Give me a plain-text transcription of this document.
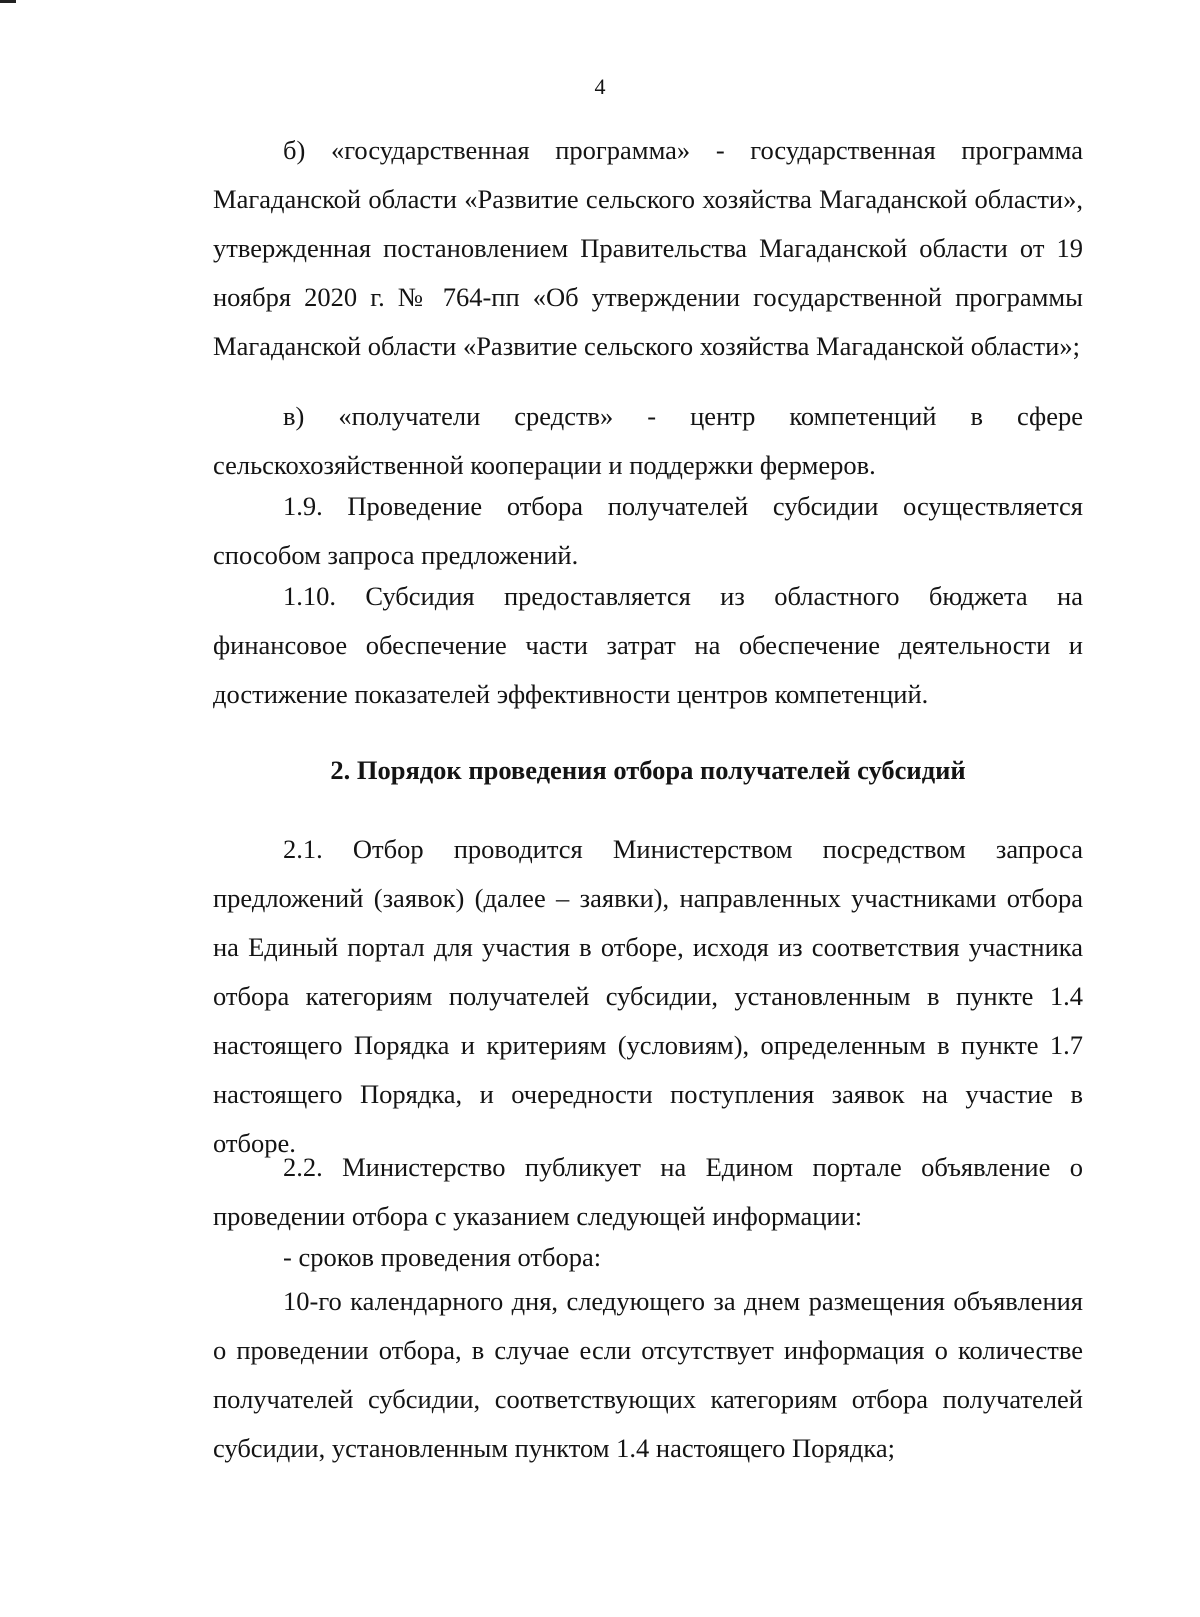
4

б) «государственная программа» - государственная программа Магаданской области «Развитие сельского хозяйства Магаданской области», утвержденная постановлением Правительства Магаданской области от 19 ноября 2020 г. № 764-пп «Об утверждении государственной программы Магаданской области «Развитие сельского хозяйства Магаданской области»;

в) «получатели средств» - центр компетенций в сфере сельскохозяйственной кооперации и поддержки фермеров.

1.9. Проведение отбора получателей субсидии осуществляется способом запроса предложений.

1.10. Субсидия предоставляется из областного бюджета на финансовое обеспечение части затрат на обеспечение деятельности и достижение показателей эффективности центров компетенций.

2. Порядок проведения отбора получателей субсидий

2.1. Отбор проводится Министерством посредством запроса предложений (заявок) (далее – заявки), направленных участниками отбора на Единый портал для участия в отборе, исходя из соответствия участника отбора категориям получателей субсидии, установленным в пункте 1.4 настоящего Порядка и критериям (условиям), определенным в пункте 1.7 настоящего Порядка, и очередности поступления заявок на участие в отборе.

2.2. Министерство публикует на Едином портале объявление о проведении отбора с указанием следующей информации:

- сроков проведения отбора:

10-го календарного дня, следующего за днем размещения объявления о проведении отбора, в случае если отсутствует информация о количестве получателей субсидии, соответствующих категориям отбора получателей субсидии, установленным пунктом 1.4 настоящего Порядка;
